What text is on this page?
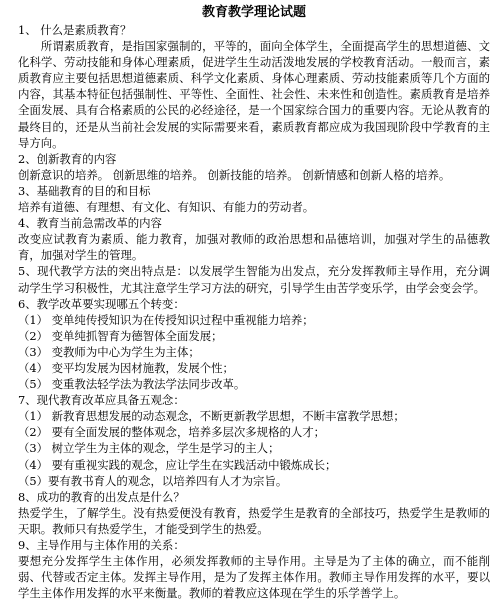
教育教学理论试题

1、 什么是素质教育？

所谓素质教育，是指国家强制的，平等的，面向全体学生，全面提高学生的思想道德、文化科学、劳动技能和身体心理素质，促进学生生动活泼地发展的学校教育活动。一般而言，素质教育应主要包括思想道德素质、科学文化素质、身体心理素质、劳动技能素质等几个方面的内容，其基本特征包括强制性、平等性、全面性、社会性、未来性和创造性。素质教育是培养全面发展、具有合格素质的公民的必经途径，是一个国家综合国力的重要内容。无论从教育的最终目的，还是从当前社会发展的实际需要来看，素质教育都应成为我国现阶段中学教育的主导方向。

2、创新教育的内容

创新意识的培养。 创新思维的培养。 创新技能的培养。 创新情感和创新人格的培养。

3、基础教育的目的和目标

培养有道德、有理想、有文化、有知识、有能力的劳动者。

4、教育当前急需改革的内容

改变应试教育为素质、能力教育，加强对教师的政治思想和品德培训，加强对学生的品德教育，加强对学生的管理。

5、现代教学方法的突出特点是：以发展学生智能为出发点，充分发挥教师主导作用，充分调动学生学习积极性，尤其注意学生学习方法的研究，引导学生由苦学变乐学，由学会变会学。

6、教学改革要实现哪五个转变：

（1） 变单纯传授知识为在传授知识过程中重视能力培养；
（2） 变单纯抓智育为德智体全面发展；
（3） 变教师为中心为学生为主体；
（4） 变平均发展为因材施教，发展个性；
（5） 变重教法轻学法为教法学法同步改革。

7、现代教育改革应具备五观念：

（1） 新教育思想发展的动态观念，不断更新教学思想，不断丰富教学思想；
（2） 要有全面发展的整体观念，培养多层次多规格的人才；
（3） 树立学生为主体的观念，学生是学习的主人；
（4） 要有重视实践的观念，应让学生在实践活动中锻炼成长；
（5）要有教书育人的观念，以培养四有人才为宗旨。

8、成功的教育的出发点是什么？

热爱学生，了解学生。没有热爱便没有教育，热爱学生是教育的全部技巧，热爱学生是教师的天职。教师只有热爱学生，才能受到学生的热爱。

9、主导作用与主体作用的关系：

要想充分发挥学生主体作用，必须发挥教师的主导作用。主导是为了主体的确立，而不能削弱、代替或否定主体。发挥主导作用，是为了发挥主体作用。教师主导作用发挥的水平，要以学生主体作用发挥的水平来衡量。教师的着教应这体现在学生的乐学善学上。
